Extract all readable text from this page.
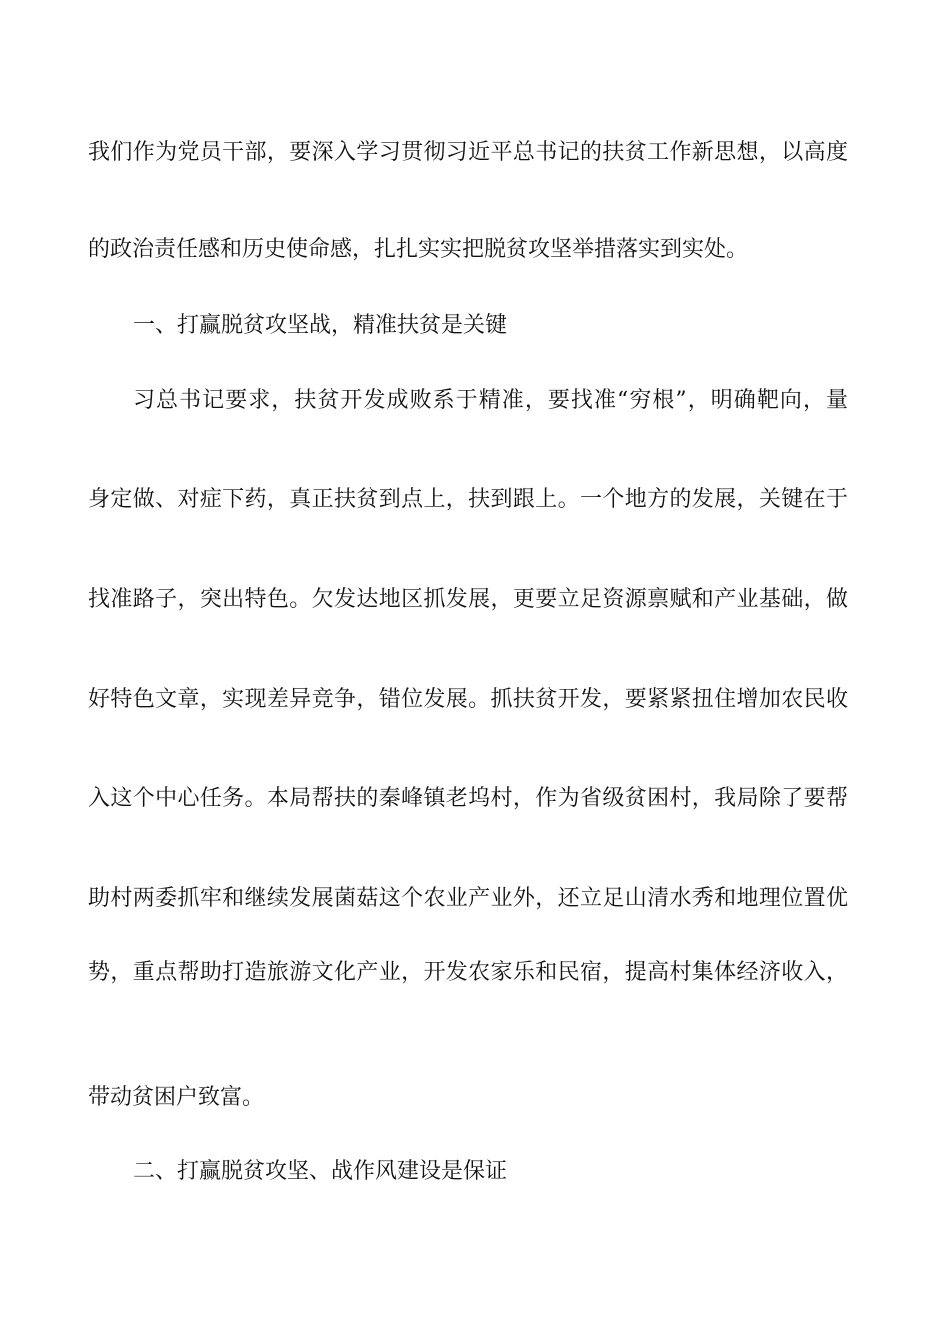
我们作为党员干部，要深入学习贯彻习近平总书记的扶贫工作新思想，以高度
的政治责任感和历史使命感，扎扎实实把脱贫攻坚举措落实到实处。
一、打赢脱贫攻坚战，精准扶贫是关键
习总书记要求，扶贫开发成败系于精准，要找准“穷根”，明确靶向，量
身定做、对症下药，真正扶贫到点上，扶到跟上。一个地方的发展，关键在于
找准路子，突出特色。欠发达地区抓发展，更要立足资源禀赋和产业基础，做
好特色文章，实现差异竞争，错位发展。抓扶贫开发，要紧紧扭住增加农民收
入这个中心任务。本局帮扶的秦峰镇老坞村，作为省级贫困村，我局除了要帮
助村两委抓牢和继续发展菌菇这个农业产业外，还立足山清水秀和地理位置优
势，重点帮助打造旅游文化产业，开发农家乐和民宿，提高村集体经济收入，
带动贫困户致富。
二、打赢脱贫攻坚、战作风建设是保证
